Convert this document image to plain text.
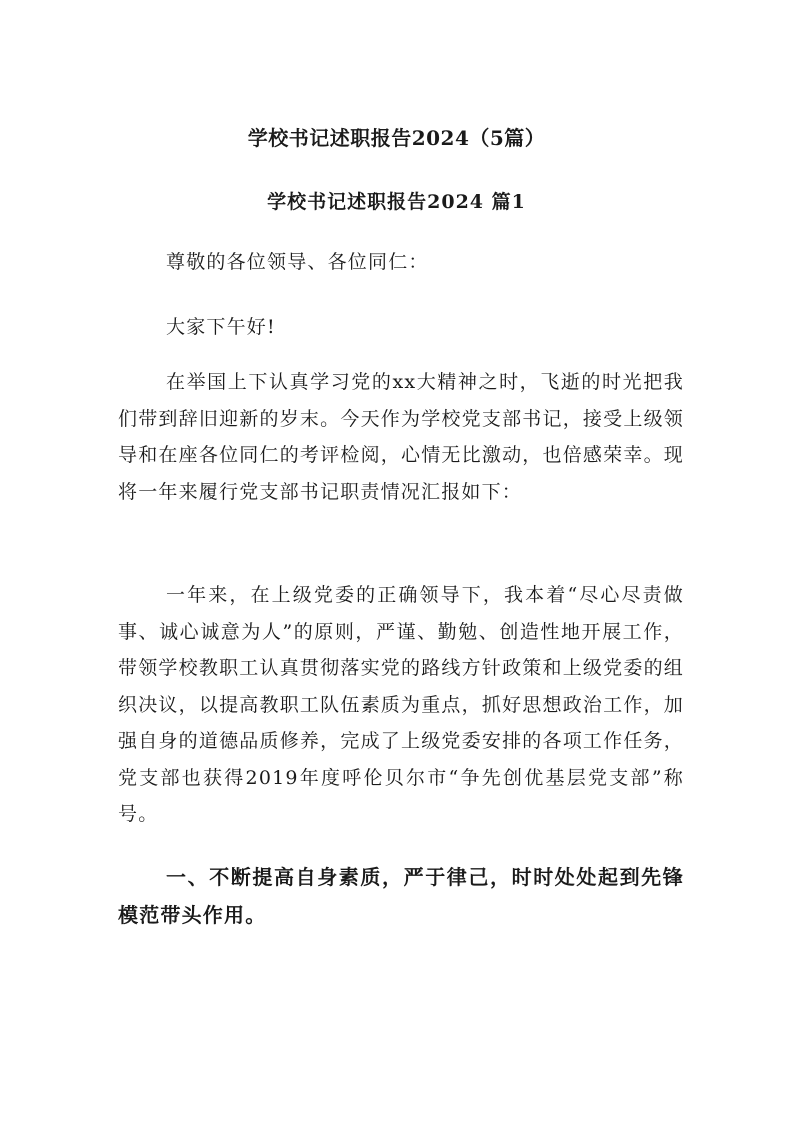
学校书记述职报告2024（5篇）
学校书记述职报告2024 篇1

尊敬的各位领导、各位同仁：

大家下午好!

在举国上下认真学习党的xx大精神之时，飞逝的时光把我们带到辞旧迎新的岁末。今天作为学校党支部书记，接受上级领导和在座各位同仁的考评检阅，心情无比激动，也倍感荣幸。现将一年来履行党支部书记职责情况汇报如下：

一年来，在上级党委的正确领导下，我本着“尽心尽责做事、诚心诚意为人”的原则，严谨、勤勉、创造性地开展工作，带领学校教职工认真贯彻落实党的路线方针政策和上级党委的组织决议，以提高教职工队伍素质为重点，抓好思想政治工作，加强自身的道德品质修养，完成了上级党委安排的各项工作任务，党支部也获得2019年度呼伦贝尔市“争先创优基层党支部”称号。

一、不断提高自身素质，严于律己，时时处处起到先锋模范带头作用。
